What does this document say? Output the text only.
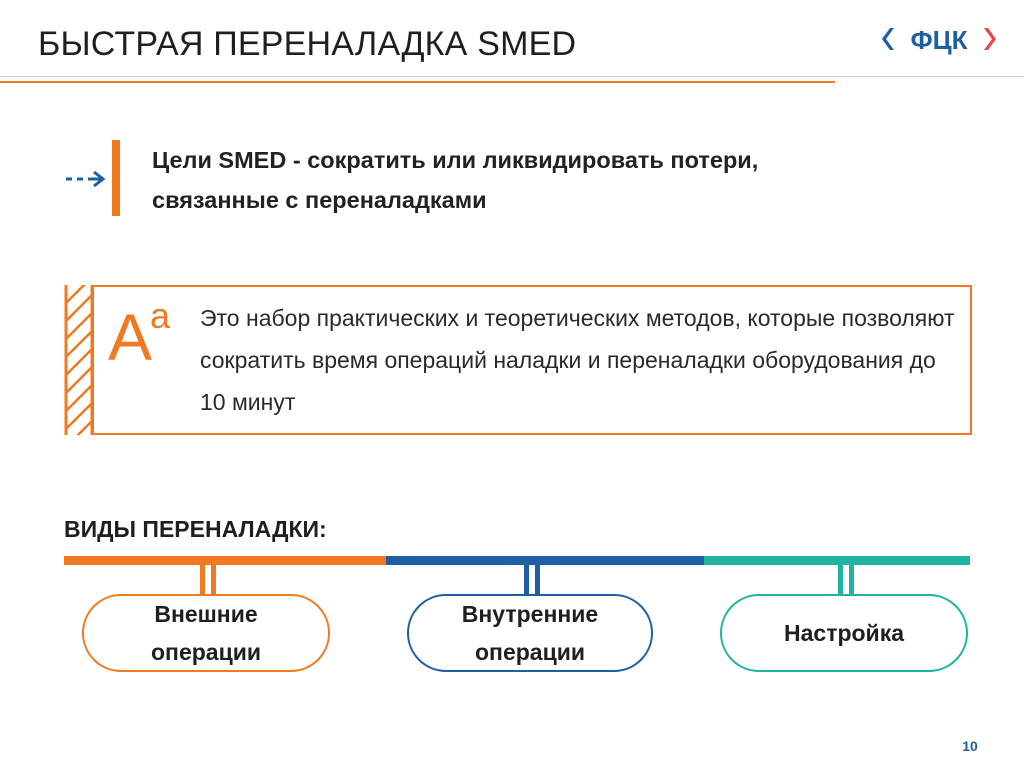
БЫСТРАЯ ПЕРЕНАЛАДКА SMED	ФЦК
Цели SMED - сократить или ликвидировать потери, связанные с переналадками
A
a Это набор практических и теоретических методов, которые позволяют сократить время операций наладки и переналадки оборудования до 10 минут
ВИДЫ ПЕРЕНАЛАДКИ:
Внешние
операции
Внутренние
операции
Настройка
10
